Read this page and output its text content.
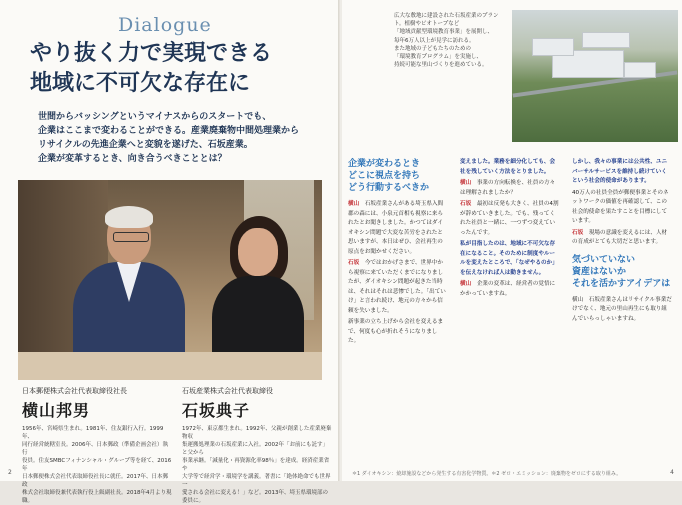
Dialogue
やり抜く力で実現できる
地域に不可欠な存在に
世間からバッシングというマイナスからのスタートでも、
企業はここまで変わることができる。産業廃棄物中間処理業から
リサイクルの先進企業へと変貌を遂げた、石坂産業。
企業が変革するとき、向き合うべきこととは？
日本郵便株式会社代表取締役社長
横山邦男
1956年、宮崎県生まれ。1981年、住友銀行入行。1999年、
同行経営統轄室長。2006年、日本郵政（準備企画会社）執行
役員。住友SMBCフィナンシャル・グループ等を経て、2016年
日本郵便株式会社代表取締役社長に就任。2017年、日本郵政
株式会社取締役兼代表執行役上級副社長。2018年4月より現職。
石坂産業株式会社代表取締役
石坂典子
1972年、東京都生まれ。1992年、父親が創業した産業廃棄物収
集運搬処理業の石坂産業に入社。2002年「お前にも託す」と父から
事業承継。「減量化・再資源化率98％」を達成。経済産業省や
大学等で経営学・環境学を講義。著書に「絶体絶命でも世界一
愛される会社に変える！」など。2013年、埼玉県環境部の委員に。
2
広大な敷地に建設された石坂産業のプラント。植樹やビオトープなど
「地域貢献型環境教育事業」を展開し、
毎年6万人以上が見学に訪れる。
また地域の子どもたちのための
「環境教育プログラム」を実施し、
持続可能な里山づくりを進めている。
企業が変わるとき
どこに視点を持ち
どう行動するべきか

横山　 石坂産業さんがある埼玉県入間郡の森には、小泉元首相も視察に来られたとお聞きしました。かつてはダイオキシン問題で大変な苦労をされたと思いますが、本日はぜひ、会社再生の原点をお聞かせください。

石坂　 今ではおかげさまで、世界中から視察に来ていただくまでになりましたが、ダイオキシン問題が起きた当時は、それはそれは悲惨でした。「出ていけ」と言われ続け、地元の方々から信頼を失いました。

新事業の立ち上げから会社を変えるまで、何度も心が折れそうになりました。

変えました。業務を細分化しても、会社を残していく方法をとりました。

横山　 事業の方向転換を、社員の方々は理解されましたか？

石坂　 最初は反発も大きく、社員の4割が辞めていきました。でも、残ってくれた社員と一緒に、一つずつ変えていったんです。

私が目指したのは、地域に不可欠な存在になること。そのために制度やルールを変えたところで、「なぜやるのか」を伝えなければ人は動きません。

横山　 企業の変革は、経営者の覚悟にかかっていますね。

しかし、我々の事業には公共性、ユニバーサルサービスを維持し続けていくという社会的使命があります。

40万人の社員全員が郵便事業とそのネットワークの価値を再確認して、この社会的使命を果たすことを目標にしています。

石坂　 現場の意識を変えるには、人材の育成がとても大切だと思います。

気づいていない
資産はないか
それを活かすアイデアは

横山　石坂産業さんはリサイクル事業だけでなく、地元の里山再生にも取り組んでいらっしゃいますね。

＊1 ダイオキシン：焼却施設などから発生する有害化学物質。＊2 ゼロ・エミッション：廃棄物をゼロにする取り組み。	4
